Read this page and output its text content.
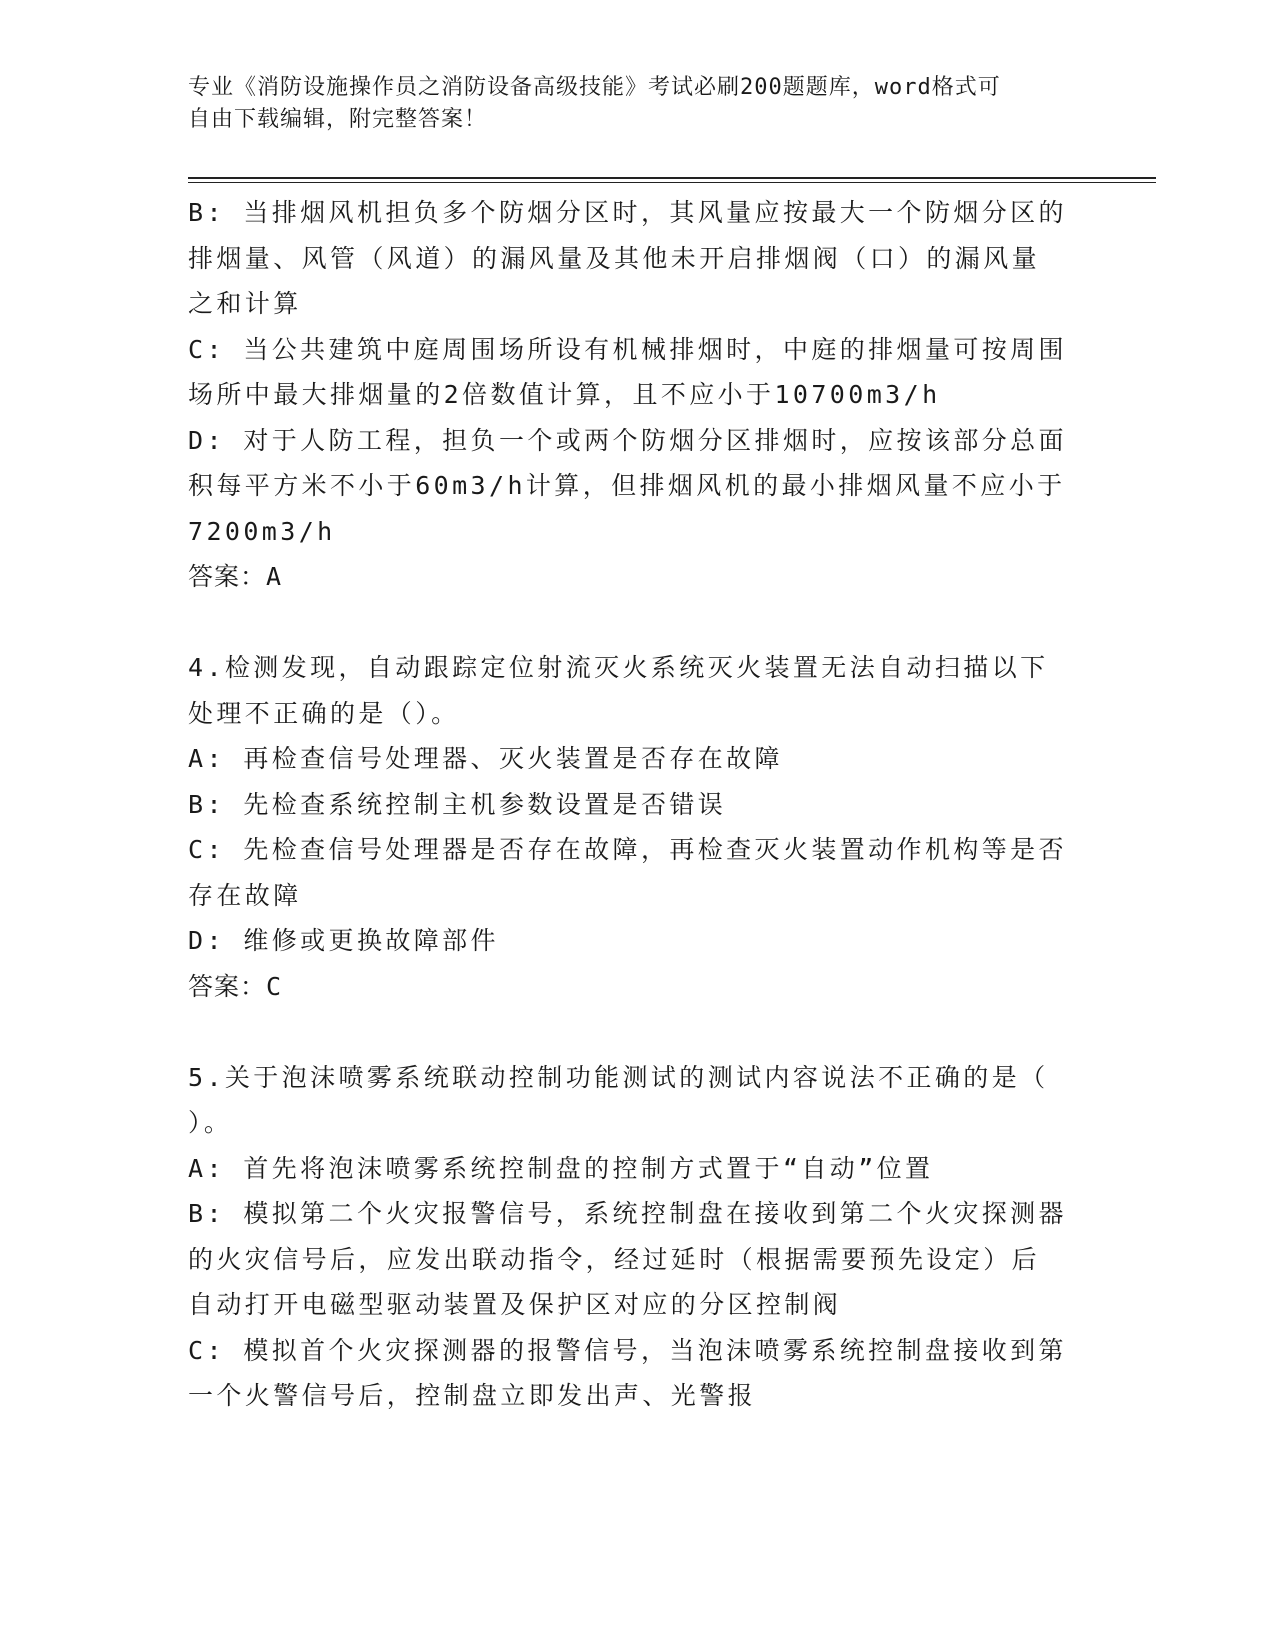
专业《消防设施操作员之消防设备高级技能》考试必刷200题题库，word格式可
自由下载编辑，附完整答案！
B: 当排烟风机担负多个防烟分区时，其风量应按最大一个防烟分区的
排烟量、风管（风道）的漏风量及其他未开启排烟阀（口）的漏风量
之和计算
C: 当公共建筑中庭周围场所设有机械排烟时，中庭的排烟量可按周围
场所中最大排烟量的2倍数值计算，且不应小于10700m3/h
D: 对于人防工程，担负一个或两个防烟分区排烟时，应按该部分总面
积每平方米不小于60m3/h计算，但排烟风机的最小排烟风量不应小于
7200m3/h
答案：A
4.检测发现，自动跟踪定位射流灭火系统灭火装置无法自动扫描以下
处理不正确的是（）。
A: 再检查信号处理器、灭火装置是否存在故障
B: 先检查系统控制主机参数设置是否错误
C: 先检查信号处理器是否存在故障，再检查灭火装置动作机构等是否
存在故障
D: 维修或更换故障部件
答案：C
5.关于泡沫喷雾系统联动控制功能测试的测试内容说法不正确的是（
）。
A: 首先将泡沫喷雾系统控制盘的控制方式置于“自动”位置
B: 模拟第二个火灾报警信号，系统控制盘在接收到第二个火灾探测器
的火灾信号后，应发出联动指令，经过延时（根据需要预先设定）后
自动打开电磁型驱动装置及保护区对应的分区控制阀
C: 模拟首个火灾探测器的报警信号，当泡沫喷雾系统控制盘接收到第
一个火警信号后，控制盘立即发出声、光警报
